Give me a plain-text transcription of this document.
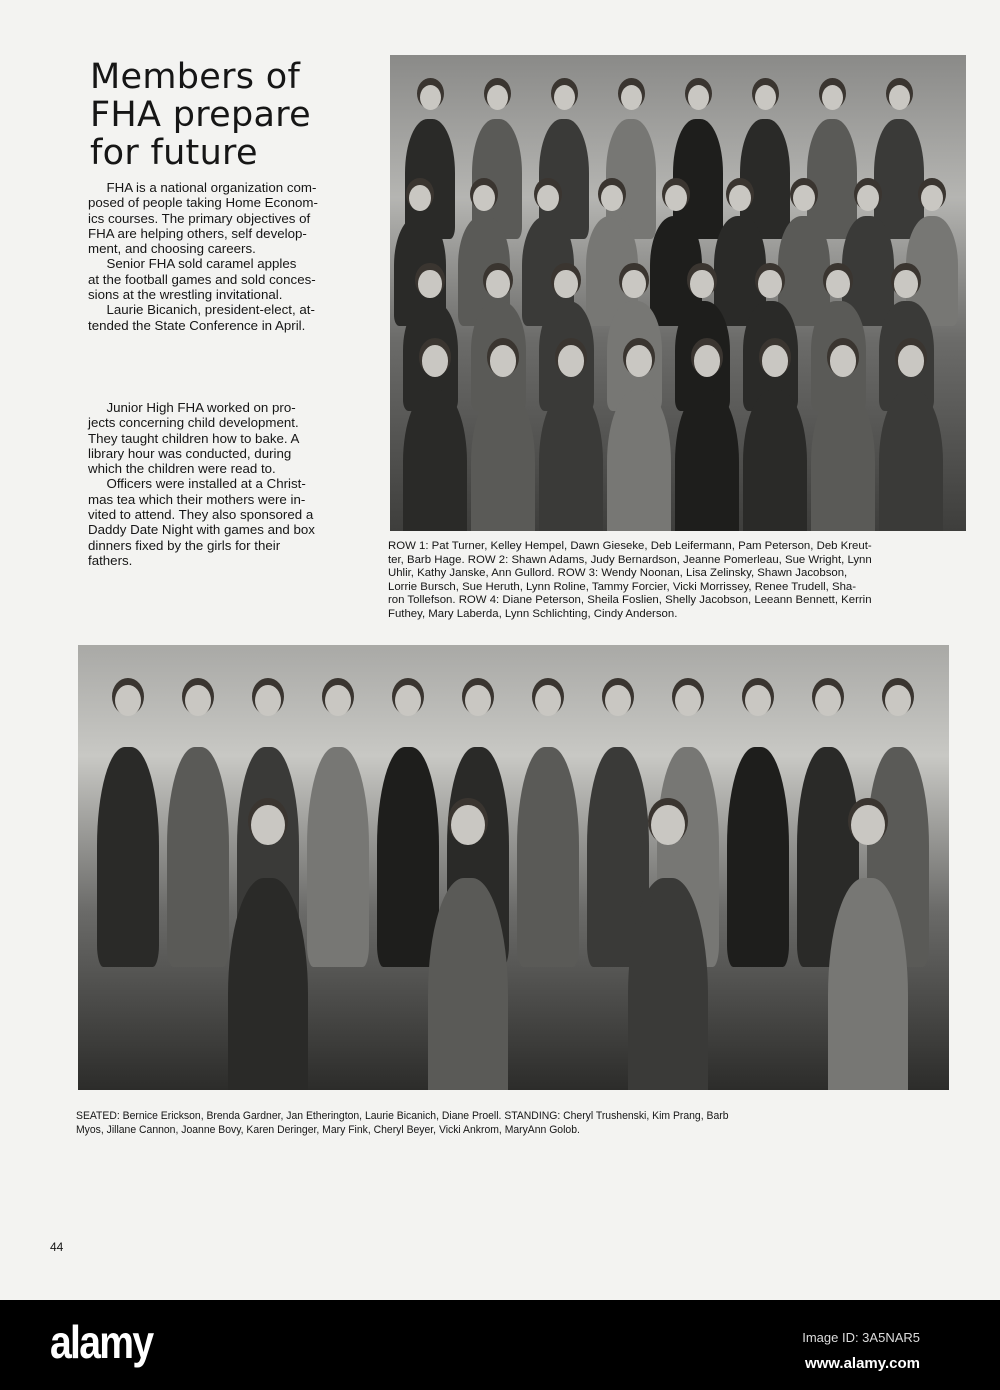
Members of
FHA prepare
for future
FHA is a national organization com-
posed of people taking Home Econom-
ics courses. The primary objectives of
FHA are helping others, self develop-
ment, and choosing careers.
Senior FHA sold caramel apples
at the football games and sold conces-
sions at the wrestling invitational.
Laurie Bicanich, president-elect, at-
tended the State Conference in April.
Junior High FHA worked on pro-
jects concerning child development.
They taught children how to bake. A
library hour was conducted, during
which the children were read to.
Officers were installed at a Christ-
mas tea which their mothers were in-
vited to attend. They also sponsored a
Daddy Date Night with games and box
dinners fixed by the girls for their
fathers.
ROW 1: Pat Turner, Kelley Hempel, Dawn Gieseke, Deb Leifermann, Pam Peterson, Deb Kreut-
ter, Barb Hage. ROW 2: Shawn Adams, Judy Bernardson, Jeanne Pomerleau, Sue Wright, Lynn
Uhlir, Kathy Janske, Ann Gullord. ROW 3: Wendy Noonan, Lisa Zelinsky, Shawn Jacobson,
Lorrie Bursch, Sue Heruth, Lynn Roline, Tammy Forcier, Vicki Morrissey, Renee Trudell, Sha-
ron Tollefson. ROW 4: Diane Peterson, Sheila Foslien, Shelly Jacobson, Leeann Bennett, Kerrin
Futhey, Mary Laberda, Lynn Schlichting, Cindy Anderson.
SEATED: Bernice Erickson, Brenda Gardner, Jan Etherington, Laurie Bicanich, Diane Proell. STANDING: Cheryl Trushenski, Kim Prang, Barb
Myos, Jillane Cannon, Joanne Bovy, Karen Deringer, Mary Fink, Cheryl Beyer, Vicki Ankrom, MaryAnn Golob.
44
alamy	Image ID: 3A5NAR5
www.alamy.com
